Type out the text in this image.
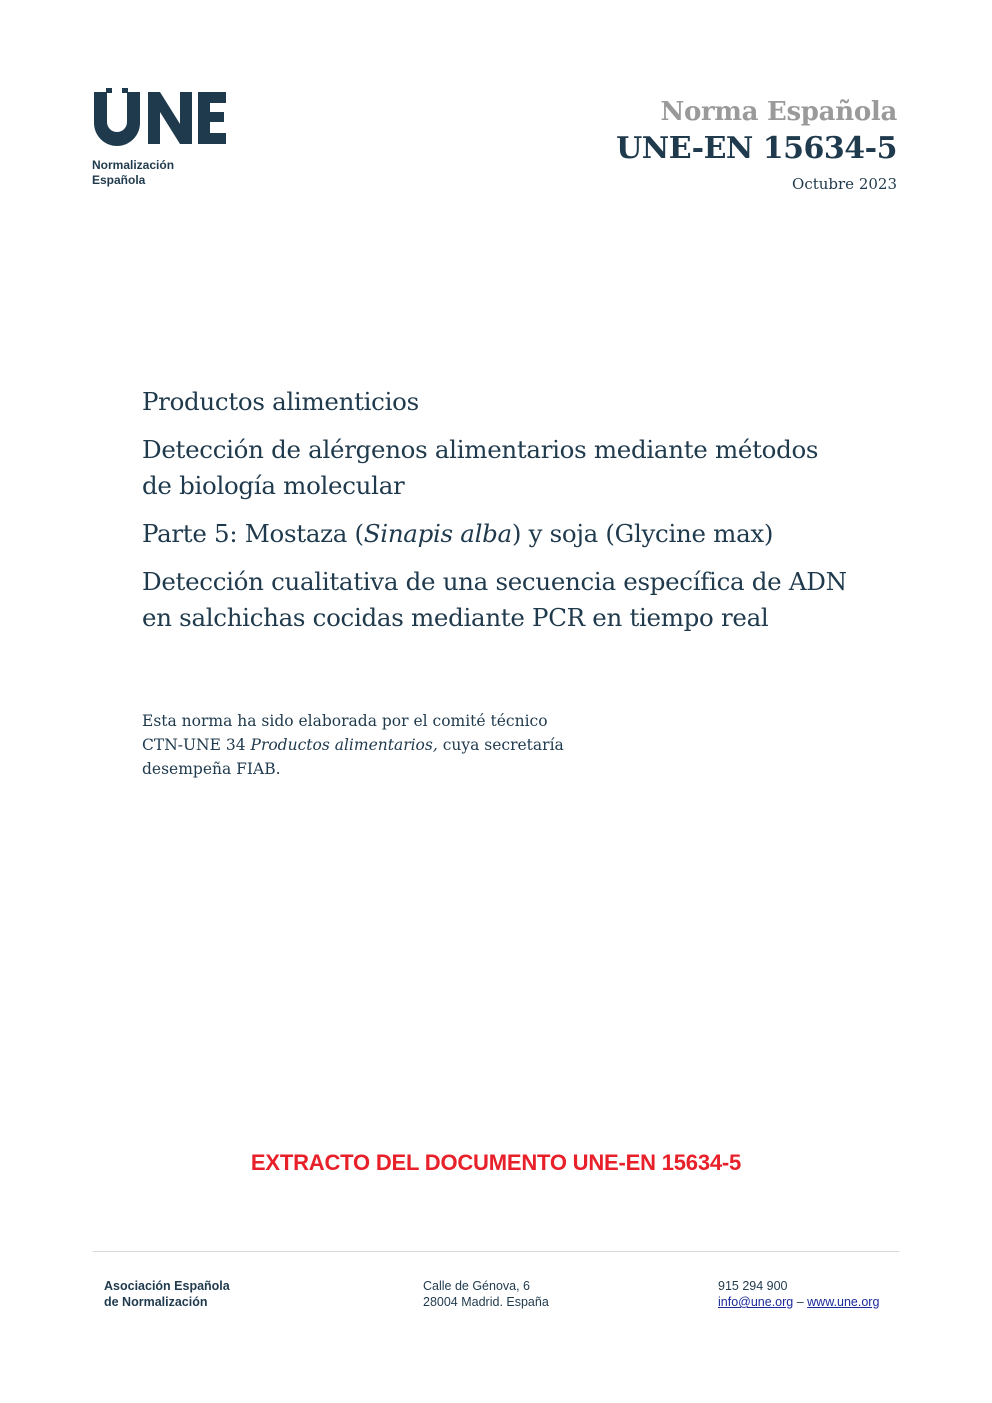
Normalización
Española
Norma Española
UNE-EN 15634-5
Octubre 2023
Productos alimenticios
Detección de alérgenos alimentarios mediante métodos
de biología molecular
Parte 5: Mostaza (Sinapis alba) y soja (Glycine max)
Detección cualitativa de una secuencia específica de ADN
en salchichas cocidas mediante PCR en tiempo real
Esta norma ha sido elaborada por el comité técnico
CTN-UNE 34 Productos alimentarios, cuya secretaría
desempeña FIAB.
EXTRACTO DEL DOCUMENTO UNE-EN 15634-5
Asociación Española
de Normalización
Calle de Génova, 6
28004 Madrid. España
915 294 900
info@une.org – www.une.org
